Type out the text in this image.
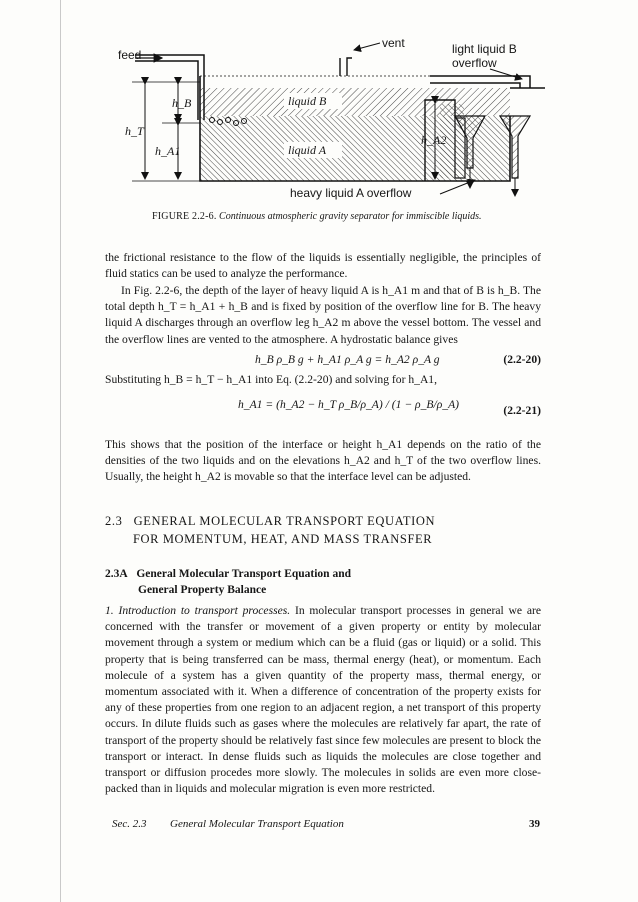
feed
vent	light liquid B
overflow
liquid B
liquid A
h_B
h_T
h_A1
h_A2
heavy liquid A overflow
FIGURE 2.2-6. Continuous atmospheric gravity separator for immiscible liquids.
the frictional resistance to the flow of the liquids is essentially negligible, the principles of fluid statics can be used to analyze the performance.
In Fig. 2.2-6, the depth of the layer of heavy liquid A is h_A1 m and that of B is h_B. The total depth h_T = h_A1 + h_B and is fixed by position of the overflow line for B. The heavy liquid A discharges through an overflow leg h_A2 m above the vessel bottom. The vessel and the overflow lines are vented to the atmosphere. A hydrostatic balance gives
h_B ρ_B g + h_A1 ρ_A g = h_A2 ρ_A g	(2.2-20)
Substituting h_B = h_T − h_A1 into Eq. (2.2-20) and solving for h_A1,
h_A1 = (h_A2 − h_T ρ_B/ρ_A) / (1 − ρ_B/ρ_A)	(2.2-21)
This shows that the position of the interface or height h_A1 depends on the ratio of the densities of the two liquids and on the elevations h_A2 and h_T of the two overflow lines. Usually, the height h_A2 is movable so that the interface level can be adjusted.
2.3 GENERAL MOLECULAR TRANSPORT EQUATION
FOR MOMENTUM, HEAT, AND MASS TRANSFER
2.3A General Molecular Transport Equation and
General Property Balance
1. Introduction to transport processes. In molecular transport processes in general we are concerned with the transfer or movement of a given property or entity by molecular movement through a system or medium which can be a fluid (gas or liquid) or a solid. This property that is being transferred can be mass, thermal energy (heat), or momentum. Each molecule of a system has a given quantity of the property mass, thermal energy, or momentum associated with it. When a difference of concentration of the property exists for any of these properties from one region to an adjacent region, a net transport of this property occurs. In dilute fluids such as gases where the molecules are relatively far apart, the rate of transport of the property should be relatively fast since few molecules are present to block the transport or interact. In dense fluids such as liquids the molecules are close together and transport or diffusion procedes more slowly. The molecules in solids are even more close-packed than in liquids and molecular migration is even more restricted.
Sec. 2.3 General Molecular Transport Equation	39
